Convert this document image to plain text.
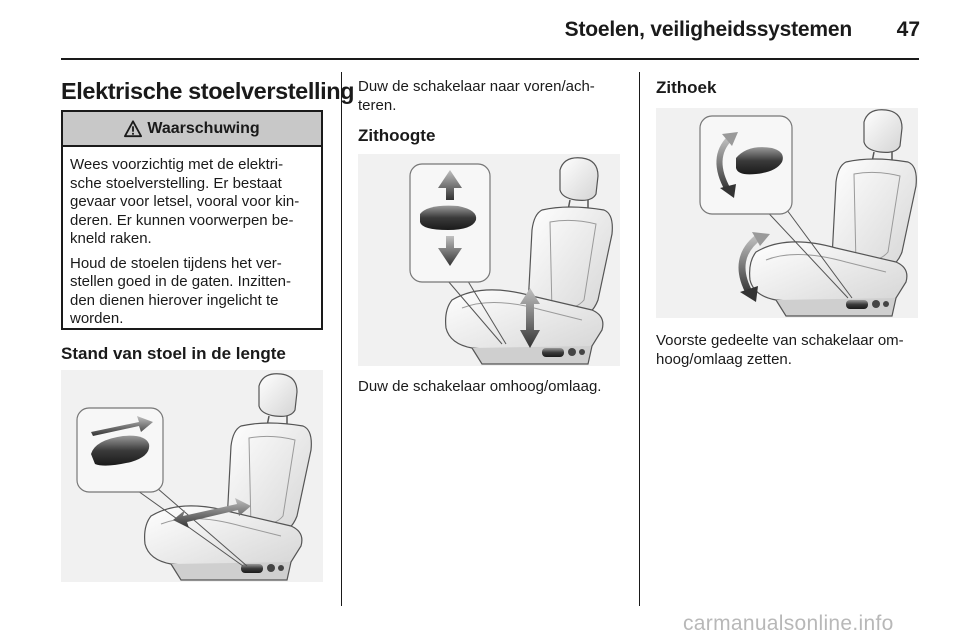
Stoelen, veiligheidssystemen 47
Elektrische stoelverstelling
Waarschuwing

Wees voorzichtig met de elektri-sche stoelverstelling. Er bestaat gevaar voor letsel, vooral voor kin-deren. Er kunnen voorwerpen be-kneld raken.

Houd de stoelen tijdens het ver-stellen goed in de gaten. Inzitten-den dienen hierover ingelicht te worden.

Stand van stoel in de lengte
Duw de schakelaar naar voren/ach-teren.
Zithoogte
Duw de schakelaar omhoog/omlaag.
Zithoek
Voorste gedeelte van schakelaar om-hoog/omlaag zetten.
carmanualsonline.info
